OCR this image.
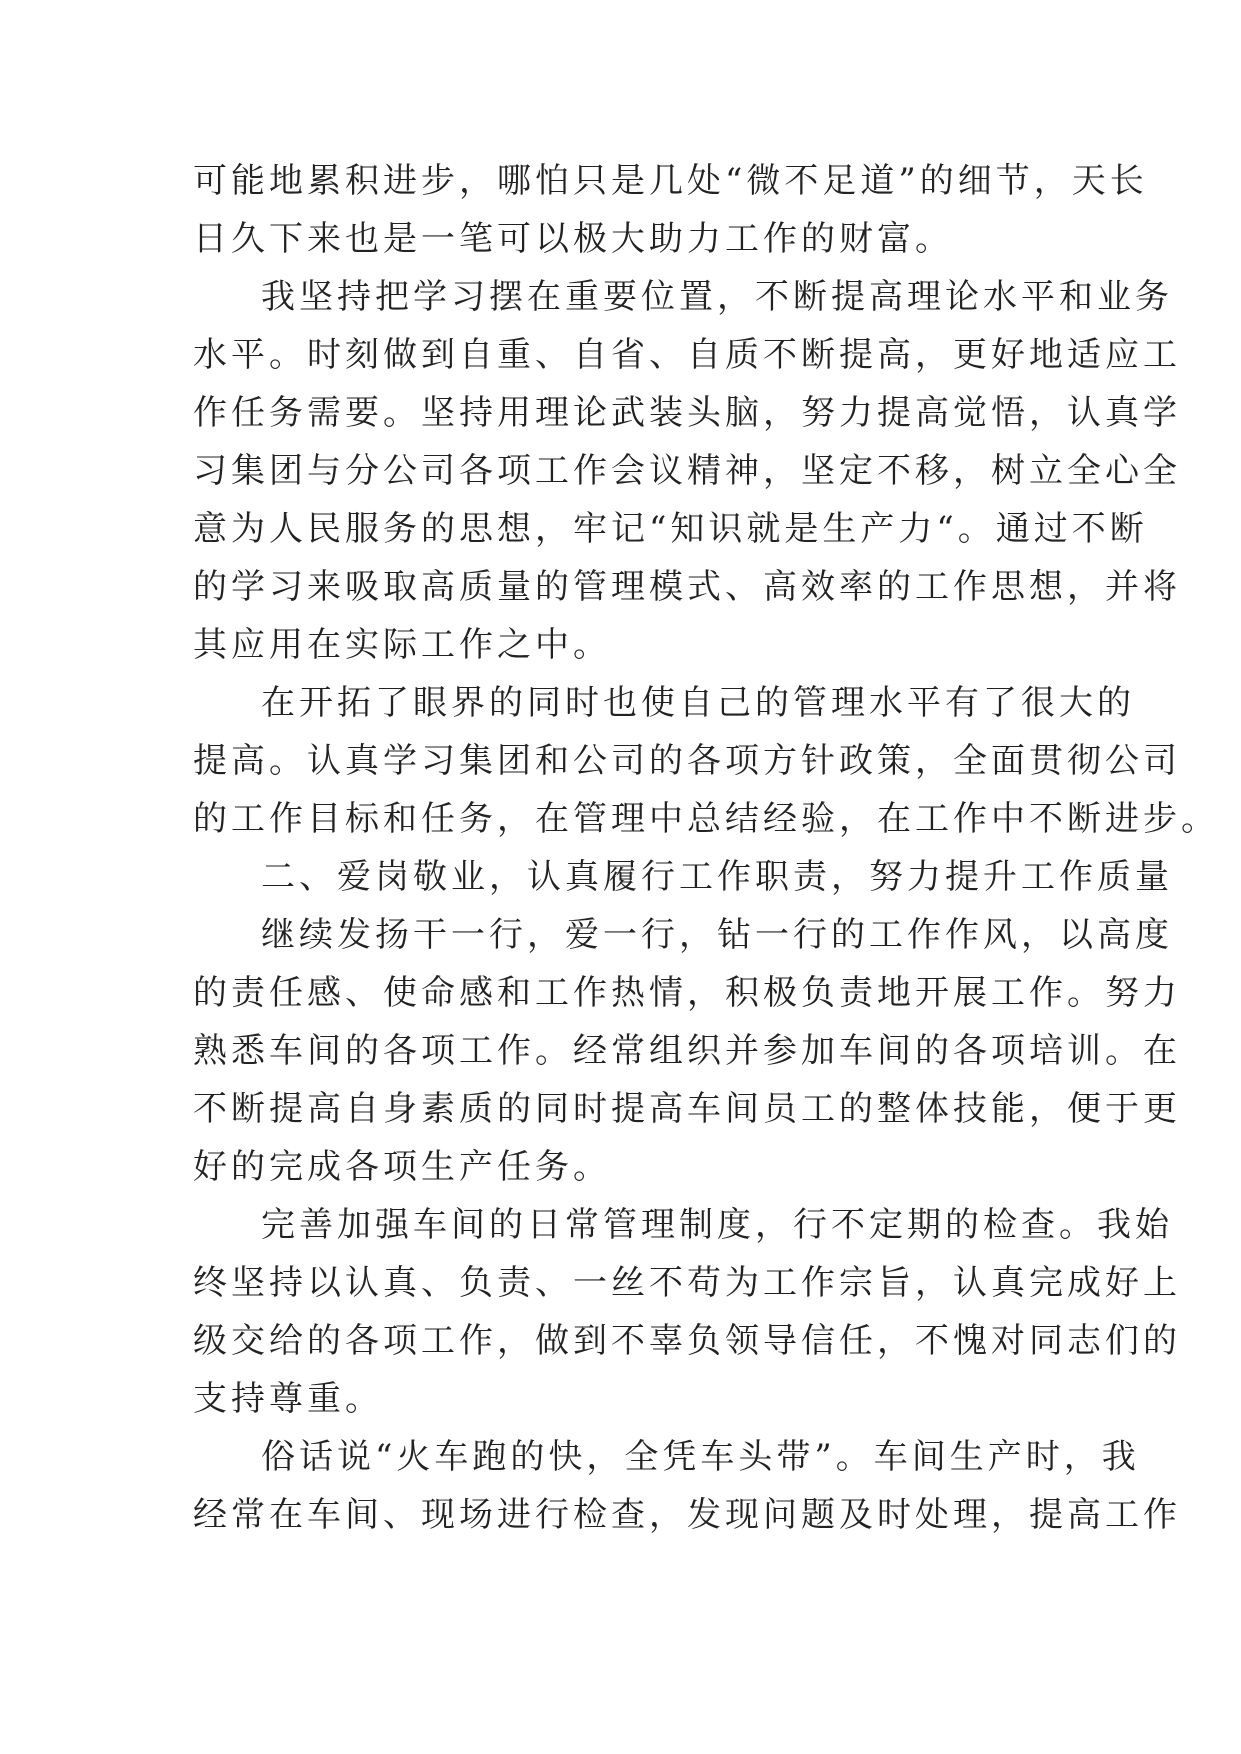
可能地累积进步，哪怕只是几处“微不足道”的细节，天长
日久下来也是一笔可以极大助力工作的财富。
我坚持把学习摆在重要位置，不断提高理论水平和业务
水平。时刻做到自重、自省、自质不断提高，更好地适应工
作任务需要。坚持用理论武装头脑，努力提高觉悟，认真学
习集团与分公司各项工作会议精神，坚定不移，树立全心全
意为人民服务的思想，牢记“知识就是生产力“。通过不断
的学习来吸取高质量的管理模式、高效率的工作思想，并将
其应用在实际工作之中。
在开拓了眼界的同时也使自己的管理水平有了很大的
提高。认真学习集团和公司的各项方针政策，全面贯彻公司
的工作目标和任务，在管理中总结经验，在工作中不断进步。
二、爱岗敬业，认真履行工作职责，努力提升工作质量
继续发扬干一行，爱一行，钻一行的工作作风，以高度
的责任感、使命感和工作热情，积极负责地开展工作。努力
熟悉车间的各项工作。经常组织并参加车间的各项培训。在
不断提高自身素质的同时提高车间员工的整体技能，便于更
好的完成各项生产任务。
完善加强车间的日常管理制度，行不定期的检查。我始
终坚持以认真、负责、一丝不苟为工作宗旨，认真完成好上
级交给的各项工作，做到不辜负领导信任，不愧对同志们的
支持尊重。
俗话说“火车跑的快，全凭车头带”。车间生产时，我
经常在车间、现场进行检查，发现问题及时处理，提高工作
